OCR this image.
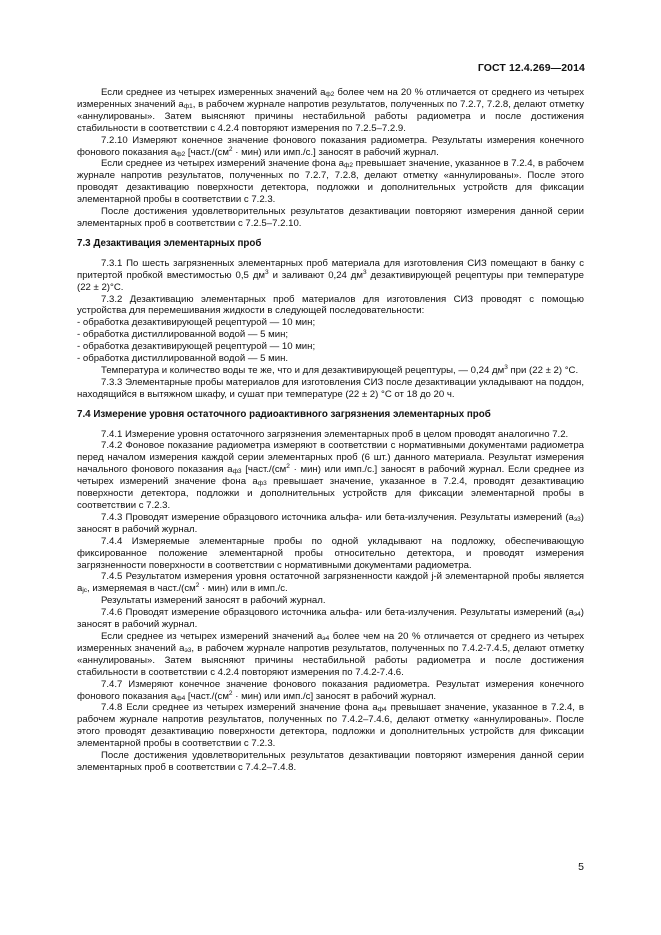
ГОСТ 12.4.269—2014

Если среднее из четырех измеренных значений $a_{ф2}$ более чем на 20 % отличается от среднего из четырех измеренных значений $a_{ф1}$, в рабочем журнале напротив результатов, полученных по 7.2.7, 7.2.8, делают отметку «аннулированы». Затем выясняют причины нестабильной работы радиометра и после достижения стабильности в соответствии с 4.2.4 повторяют измерения по 7.2.5–7.2.9.

7.2.10 Измеряют конечное значение фонового показания радиометра. Результаты измерения конечного фонового показания $a_{ф2}$ [$част./(см^2 \cdot мин)$ или имп./с.] заносят в рабочий журнал.

Если среднее из четырех измерений значение фона $a_{ф2}$ превышает значение, указанное в 7.2.4, в рабочем журнале напротив результатов, полученных по 7.2.7, 7.2.8, делают отметку «аннулированы». После этого проводят дезактивацию поверхности детектора, подложки и дополнительных устройств для фиксации элементарной пробы в соответствии с 7.2.3.

После достижения удовлетворительных результатов дезактивации повторяют измерения данной серии элементарных проб в соответствии с 7.2.5–7.2.10.

7.3 Дезактивация элементарных проб

7.3.1 По шесть загрязненных элементарных проб материала для изготовления СИЗ помещают в банку с притертой пробкой вместимостью 0,5 $дм^3$ и заливают 0,24 $дм^3$ дезактивирующей рецептуры при температуре (22 ± 2)°С.

7.3.2 Дезактивацию элементарных проб материалов для изготовления СИЗ проводят с помощью устройства для перемешивания жидкости в следующей последовательности:

- обработка дезактивирующей рецептурой — 10 мин;
- обработка дистиллированной водой — 5 мин;
- обработка дезактивирующей рецептурой — 10 мин;
- обработка дистиллированной водой — 5 мин.

Температура и количество воды те же, что и для дезактивирующей рецептуры, — 0,24 $дм^3$ при (22 ± 2) °С.

7.3.3 Элементарные пробы материалов для изготовления СИЗ после дезактивации укладывают на поддон, находящийся в вытяжном шкафу, и сушат при температуре (22 ± 2) °С от 18 до 20 ч.

7.4 Измерение уровня остаточного радиоактивного загрязнения элементарных проб

7.4.1 Измерение уровня остаточного загрязнения элементарных проб в целом проводят аналогично 7.2.

7.4.2 Фоновое показание радиометра измеряют в соответствии с нормативными документами радиометра перед началом измерения каждой серии элементарных проб (6 шт.) данного материала. Результат измерения начального фонового показания $a_{ф3}$ [$част./(см^2 \cdot мин)$ или имп./с.] заносят в рабочий журнал. Если среднее из четырех измерений значение фона $a_{ф3}$ превышает значение, указанное в 7.2.4, проводят дезактивацию поверхности детектора, подложки и дополнительных устройств для фиксации элементарной пробы в соответствии с 7.2.3.

7.4.3 Проводят измерение образцового источника альфа- или бета-излучения. Результаты измерений $(a_{э3})$ заносят в рабочий журнал.

7.4.4 Измеряемые элементарные пробы по одной укладывают на подложку, обеспечивающую фиксированное положение элементарной пробы относительно детектора, и проводят измерения загрязненности поверхности в соответствии с нормативными документами радиометра.

7.4.5 Результатом измерения уровня остаточной загрязненности каждой j-й элементарной пробы является $a_{jc}$, измеряемая в $част./(см^2 \cdot мин)$ или в имп./с.

Результаты измерений заносят в рабочий журнал.

7.4.6 Проводят измерение образцового источника альфа- или бета-излучения. Результаты измерений $(a_{э4})$ заносят в рабочий журнал.

Если среднее из четырех измерений значений $a_{э4}$ более чем на 20 % отличается от среднего из четырех измеренных значений $a_{э3}$, в рабочем журнале напротив результатов, полученных по 7.4.2-7.4.5, делают отметку «аннулированы». Затем выясняют причины нестабильной работы радиометра и после достижения стабильности в соответствии с 4.2.4 повторяют измерения по 7.4.2-7.4.6.

7.4.7 Измеряют конечное значение фонового показания радиометра. Результат измерения конечного фонового показания $a_{ф4}$ [$част./(см^2 \cdot мин)$ или имп./с] заносят в рабочий журнал.

7.4.8 Если среднее из четырех измерений значение фона $a_{ф4}$ превышает значение, указанное в 7.2.4, в рабочем журнале напротив результатов, полученных по 7.4.2–7.4.6, делают отметку «аннулированы». После этого проводят дезактивацию поверхности детектора, подложки и дополнительных устройств для фиксации элементарной пробы в соответствии с 7.2.3.

После достижения удовлетворительных результатов дезактивации повторяют измерения данной серии элементарных проб в соответствии с 7.4.2–7.4.8.

5
